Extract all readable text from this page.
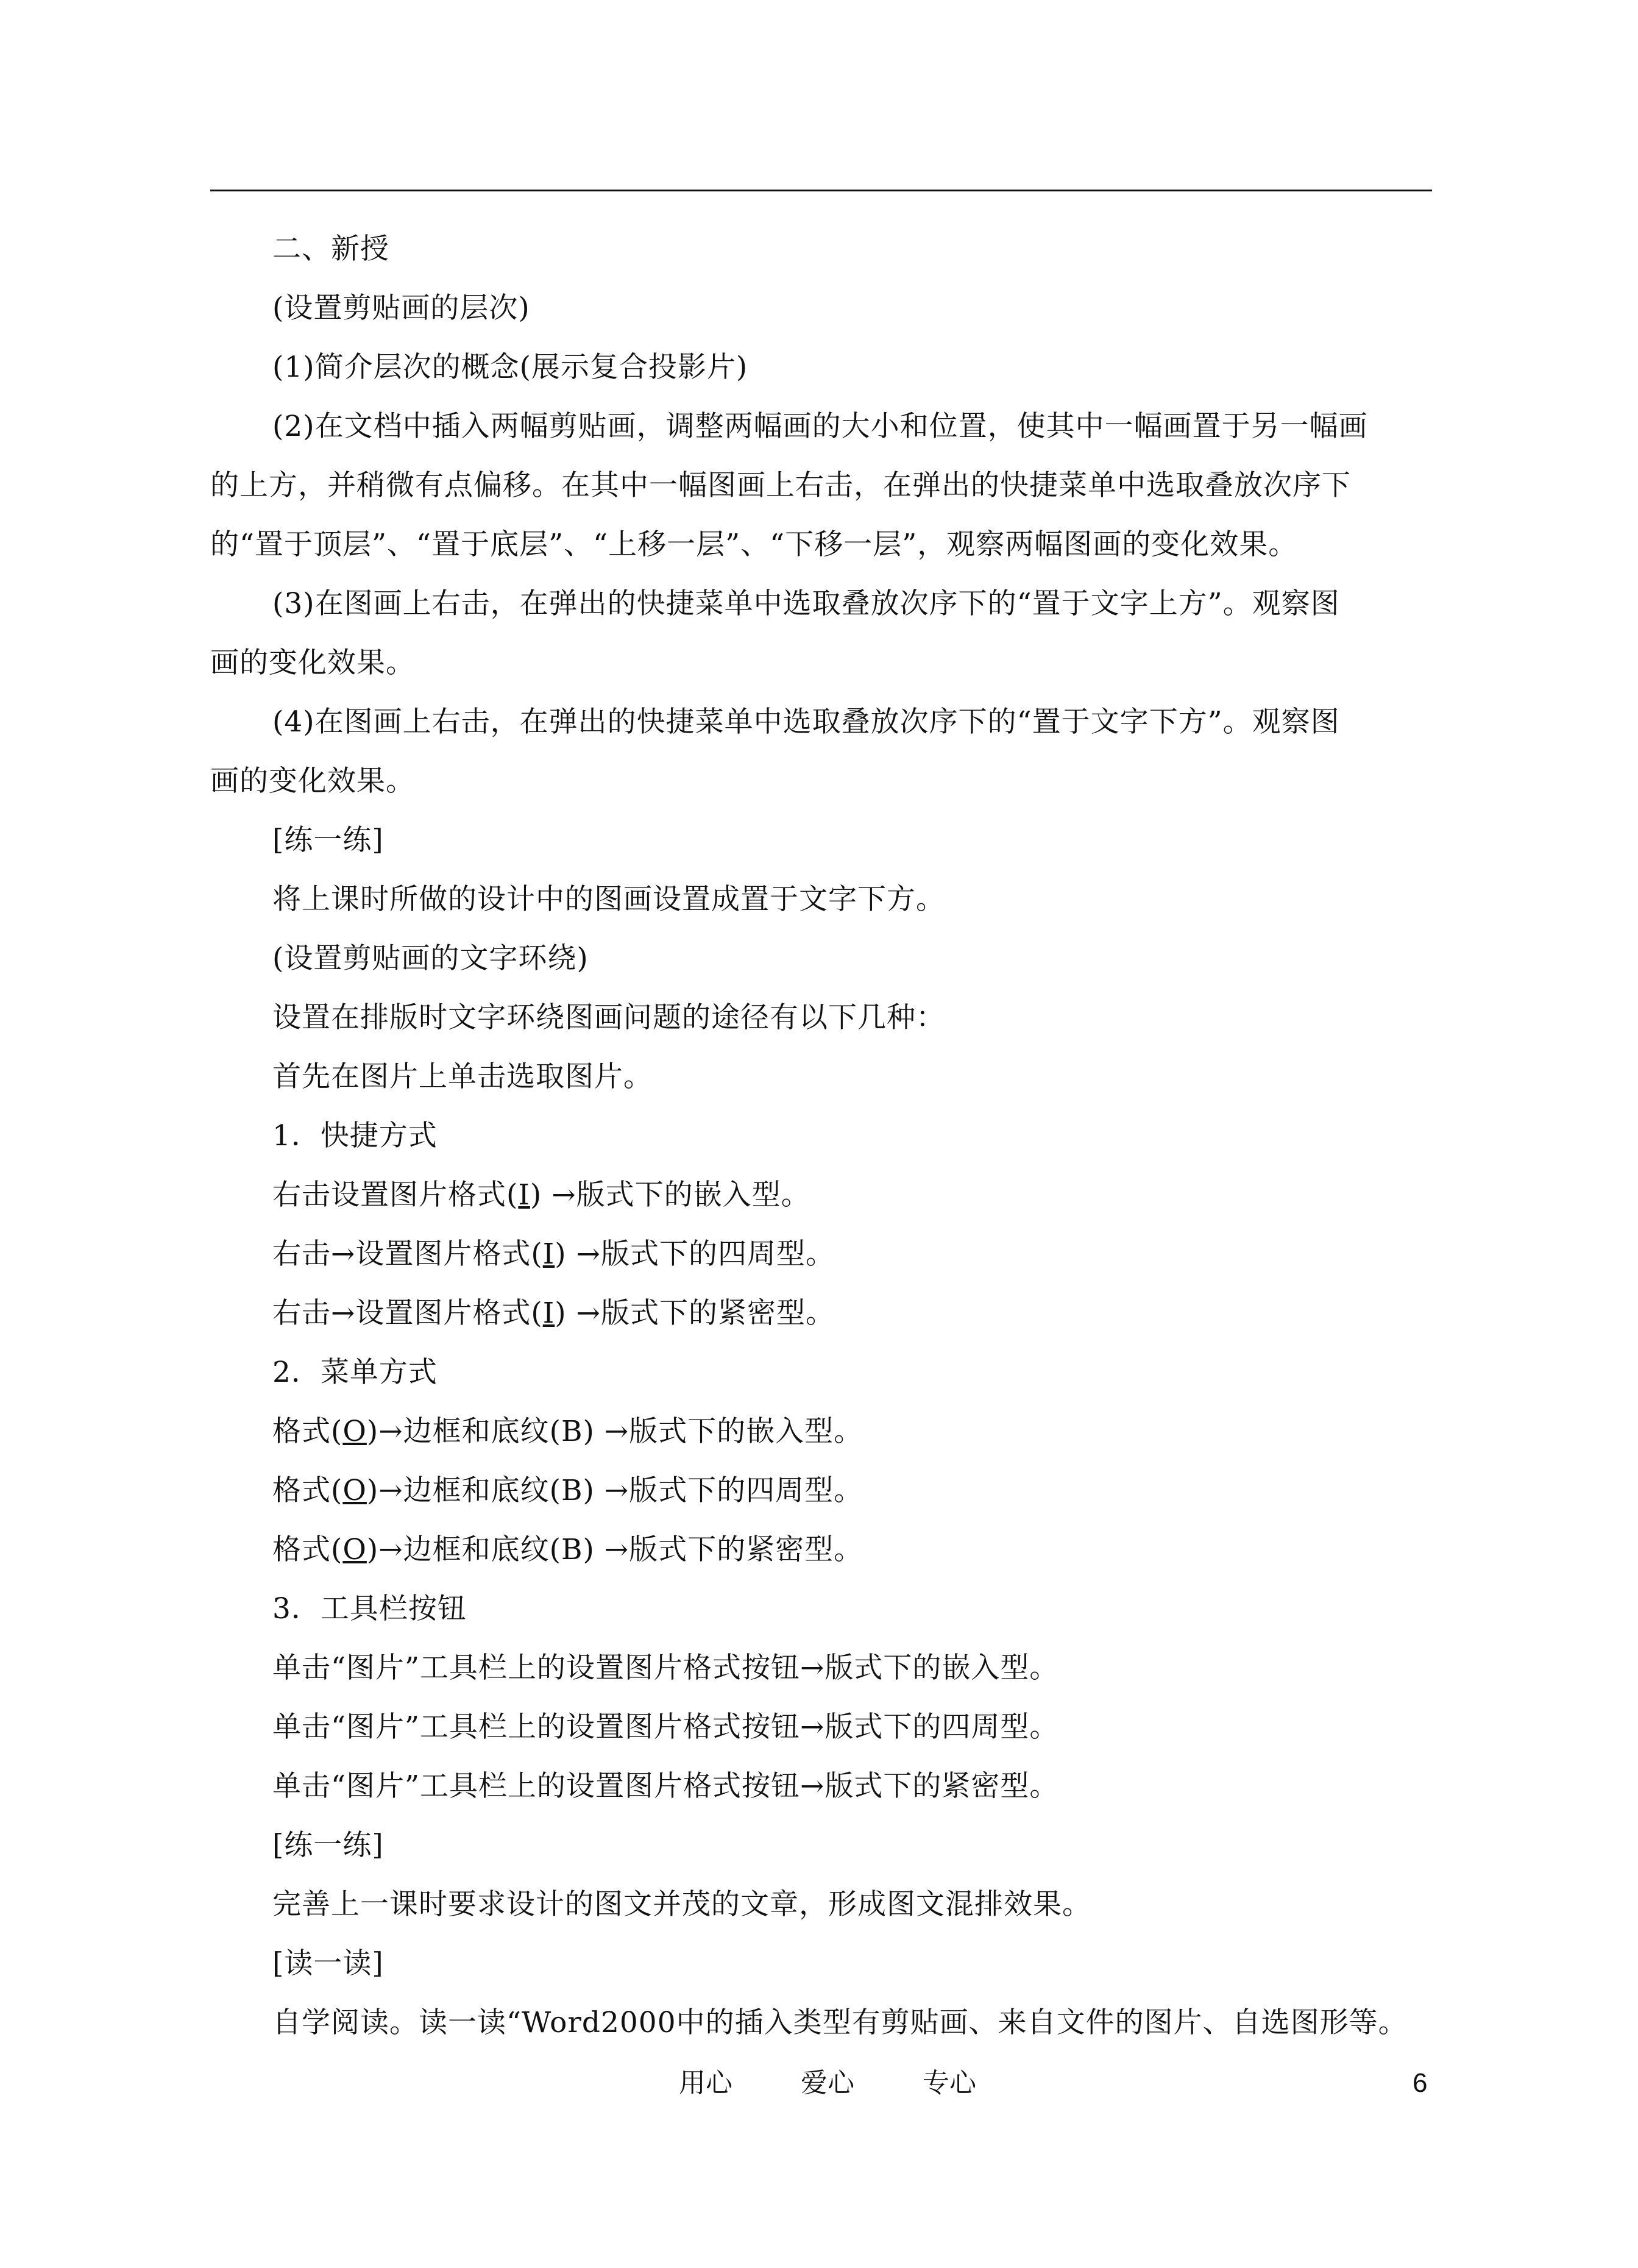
二、新授
(设置剪贴画的层次)
(1)简介层次的概念(展示复合投影片)
(2)在文档中插入两幅剪贴画，调整两幅画的大小和位置，使其中一幅画置于另一幅画
的上方，并稍微有点偏移。在其中一幅图画上右击，在弹出的快捷菜单中选取叠放次序下
的“置于顶层”、“置于底层”、“上移一层”、“下移一层”，观察两幅图画的变化效果。
(3)在图画上右击，在弹出的快捷菜单中选取叠放次序下的“置于文字上方”。观察图
画的变化效果。
(4)在图画上右击，在弹出的快捷菜单中选取叠放次序下的“置于文字下方”。观察图
画的变化效果。
[练一练]
将上课时所做的设计中的图画设置成置于文字下方。
(设置剪贴画的文字环绕)
设置在排版时文字环绕图画问题的途径有以下几种：
首先在图片上单击选取图片。
1．快捷方式
右击设置图片格式(I) →版式下的嵌入型。
右击→设置图片格式(I) →版式下的四周型。
右击→设置图片格式(I) →版式下的紧密型。
2．菜单方式
格式(O)→边框和底纹(B) →版式下的嵌入型。
格式(O)→边框和底纹(B) →版式下的四周型。
格式(O)→边框和底纹(B) →版式下的紧密型。
3．工具栏按钮
单击“图片”工具栏上的设置图片格式按钮→版式下的嵌入型。
单击“图片”工具栏上的设置图片格式按钮→版式下的四周型。
单击“图片”工具栏上的设置图片格式按钮→版式下的紧密型。
[练一练]
完善上一课时要求设计的图文并茂的文章，形成图文混排效果。
[读一读]
自学阅读。读一读“Word2000中的插入类型有剪贴画、来自文件的图片、自选图形等。
用心	爱心	专心	6
